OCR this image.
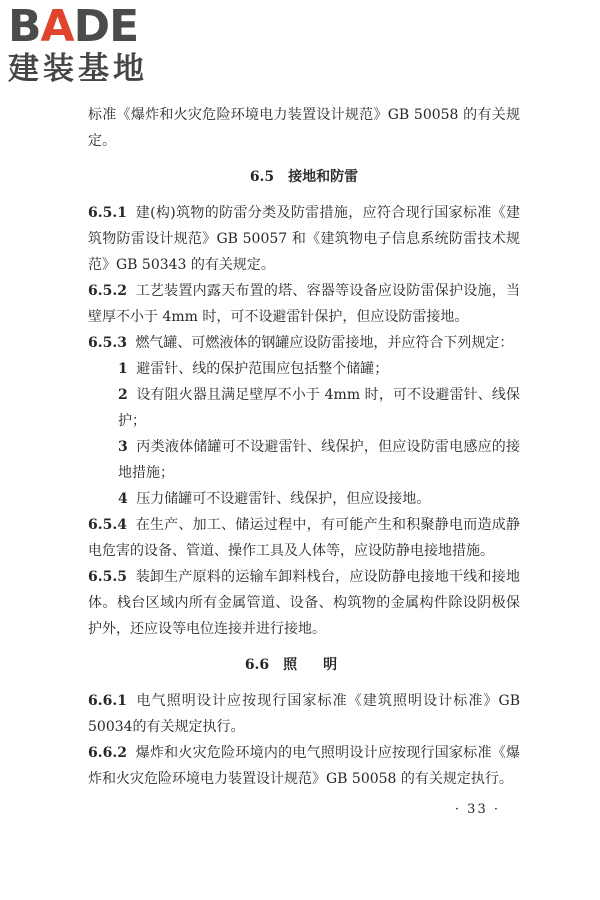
BADE
建装基地

标准《爆炸和火灾危险环境电力装置设计规范》GB 50058 的有关规定。

6.5 接地和防雷

6.5.1 建(构)筑物的防雷分类及防雷措施，应符合现行国家标准《建筑物防雷设计规范》GB 50057 和《建筑物电子信息系统防雷技术规范》GB 50343 的有关规定。

6.5.2 工艺装置内露天布置的塔、容器等设备应设防雷保护设施，当壁厚不小于 4mm 时，可不设避雷针保护，但应设防雷接地。

6.5.3 燃气罐、可燃液体的钢罐应设防雷接地，并应符合下列规定：

1 避雷针、线的保护范围应包括整个储罐；

2 设有阻火器且满足壁厚不小于 4mm 时，可不设避雷针、线保护；

3 丙类液体储罐可不设避雷针、线保护，但应设防雷电感应的接地措施；

4 压力储罐可不设避雷针、线保护，但应设接地。

6.5.4 在生产、加工、储运过程中，有可能产生和积聚静电而造成静电危害的设备、管道、操作工具及人体等，应设防静电接地措施。

6.5.5 装卸生产原料的运输车卸料栈台，应设防静电接地干线和接地体。栈台区域内所有金属管道、设备、构筑物的金属构件除设阴极保护外，还应设等电位连接并进行接地。

6.6 照明

6.6.1 电气照明设计应按现行国家标准《建筑照明设计标准》GB 50034的有关规定执行。

6.6.2 爆炸和火灾危险环境内的电气照明设计应按现行国家标准《爆炸和火灾危险环境电力装置设计规范》GB 50058 的有关规定执行。

· 33 ·
